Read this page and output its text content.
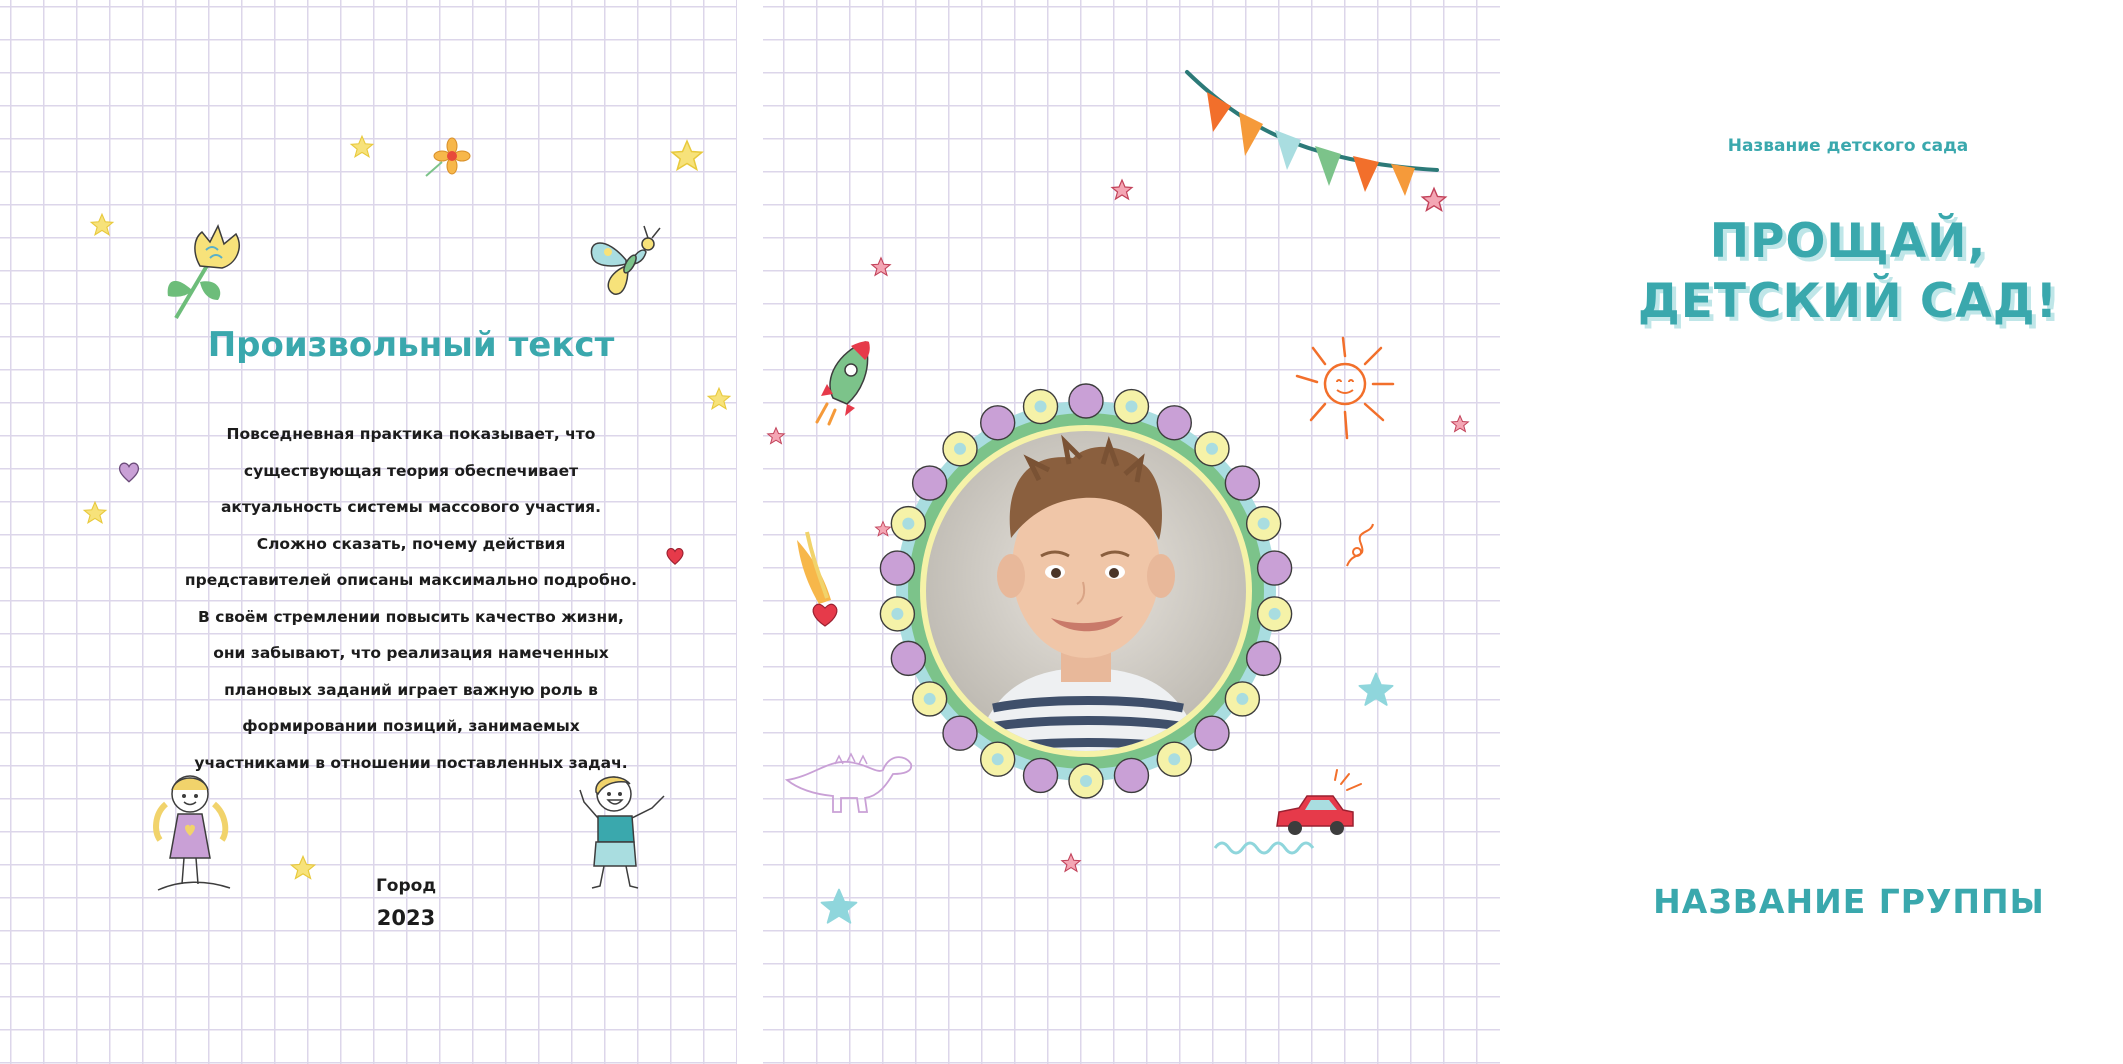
Произвольный текст
Повседневная практика показывает, что
существующая теория обеспечивает
актуальность системы массового участия.
Сложно сказать, почему действия
представителей описаны максимально подробно.
В своём стремлении повысить качество жизни,
они забывают, что реализация намеченных
плановых заданий играет важную роль в
формировании позиций, занимаемых
участниками в отношении поставленных задач.
Город
2023
Название детского сада
ПРОЩАЙ, ДЕТСКИЙ САД!
НАЗВАНИЕ ГРУППЫ
